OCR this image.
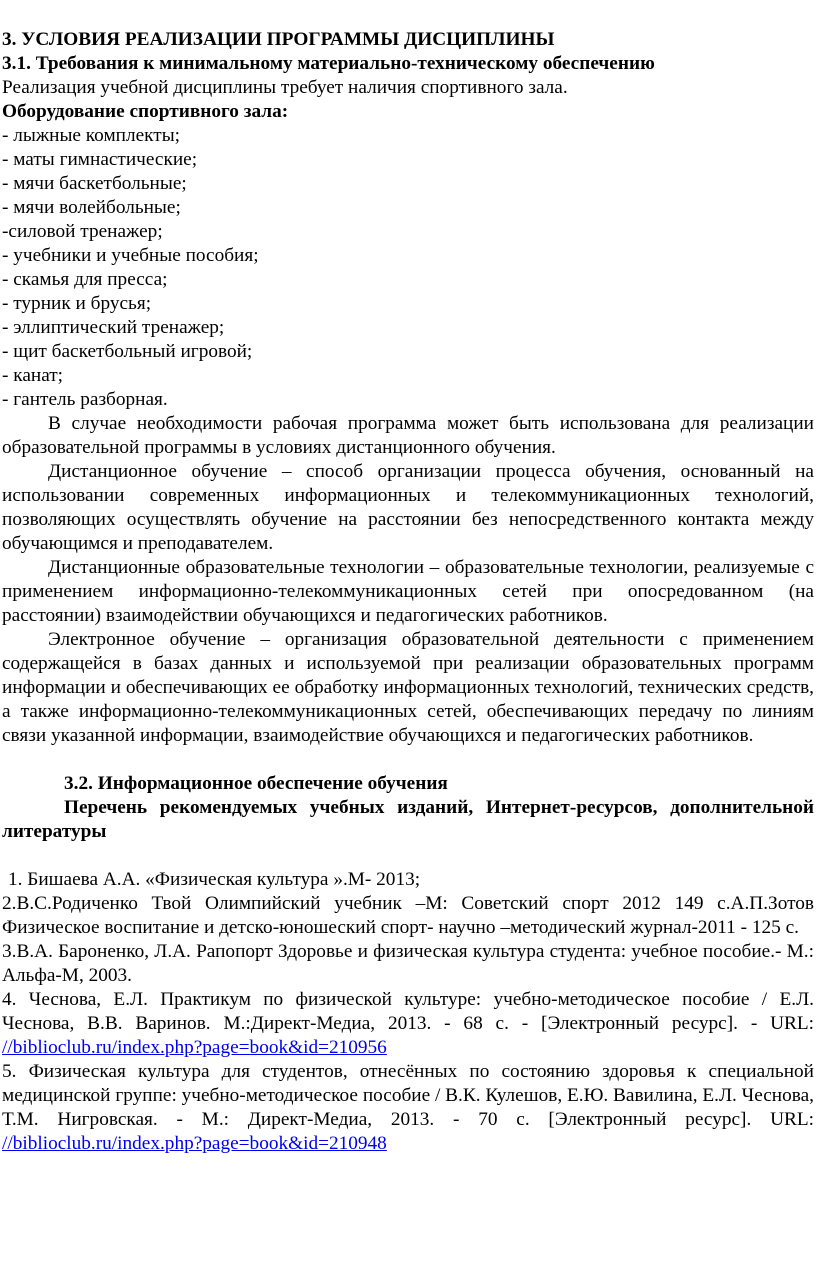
3. УСЛОВИЯ РЕАЛИЗАЦИИ ПРОГРАММЫ ДИСЦИПЛИНЫ
3.1. Требования к минимальному материально-техническому обеспечению
Реализация учебной дисциплины требует наличия спортивного зала.
Оборудование спортивного зала:
- лыжные комплекты;
- маты гимнастические;
- мячи баскетбольные;
- мячи волейбольные;
-силовой тренажер;
- учебники и учебные пособия;
- скамья для пресса;
- турник и брусья;
- эллиптический тренажер;
- щит баскетбольный игровой;
- канат;
- гантель разборная.
В случае необходимости рабочая программа может быть использована для реализации образовательной программы в условиях дистанционного обучения.
Дистанционное обучение – способ организации процесса обучения, основанный на использовании современных информационных и телекоммуникационных технологий, позволяющих осуществлять обучение на расстоянии без непосредственного контакта между обучающимся и преподавателем.
Дистанционные образовательные технологии – образовательные технологии, реализуемые с применением информационно-телекоммуникационных сетей при опосредованном (на расстоянии) взаимодействии обучающихся и педагогических работников.
Электронное обучение – организация образовательной деятельности с применением содержащейся в базах данных и используемой при реализации образовательных программ информации и обеспечивающих ее обработку информационных технологий, технических средств, а также информационно-телекоммуникационных сетей, обеспечивающих передачу по линиям связи указанной информации, взаимодействие обучающихся и педагогических работников.
3.2. Информационное обеспечение обучения
Перечень рекомендуемых учебных изданий, Интернет-ресурсов, дополнительной литературы
1. Бишаева А.А. «Физическая культура ».М- 2013;
2.В.С.Родиченко Твой Олимпийский учебник –М: Советский спорт 2012 149 с.А.П.Зотов Физическое воспитание и детско-юношеский спорт- научно –методический журнал-2011 - 125 с.
3.В.А. Бароненко, Л.А. Рапопорт Здоровье и физическая культура студента: учебное пособие.- М.: Альфа-М, 2003.
4. Чеснова, Е.Л. Практикум по физической культуре: учебно-методическое пособие / Е.Л. Чеснова, В.В. Варинов. М.:Директ-Медиа, 2013. - 68 с. - [Электронный ресурс]. - URL: //biblioclub.ru/index.php?page=book&id=210956
5. Физическая культура для студентов, отнесённых по состоянию здоровья к специальной медицинской группе: учебно-методическое пособие / В.К. Кулешов, Е.Ю. Вавилина, Е.Л. Чеснова, Т.М. Нигровская. - М.: Директ-Медиа, 2013. - 70 с. [Электронный ресурс]. URL: //biblioclub.ru/index.php?page=book&id=210948
